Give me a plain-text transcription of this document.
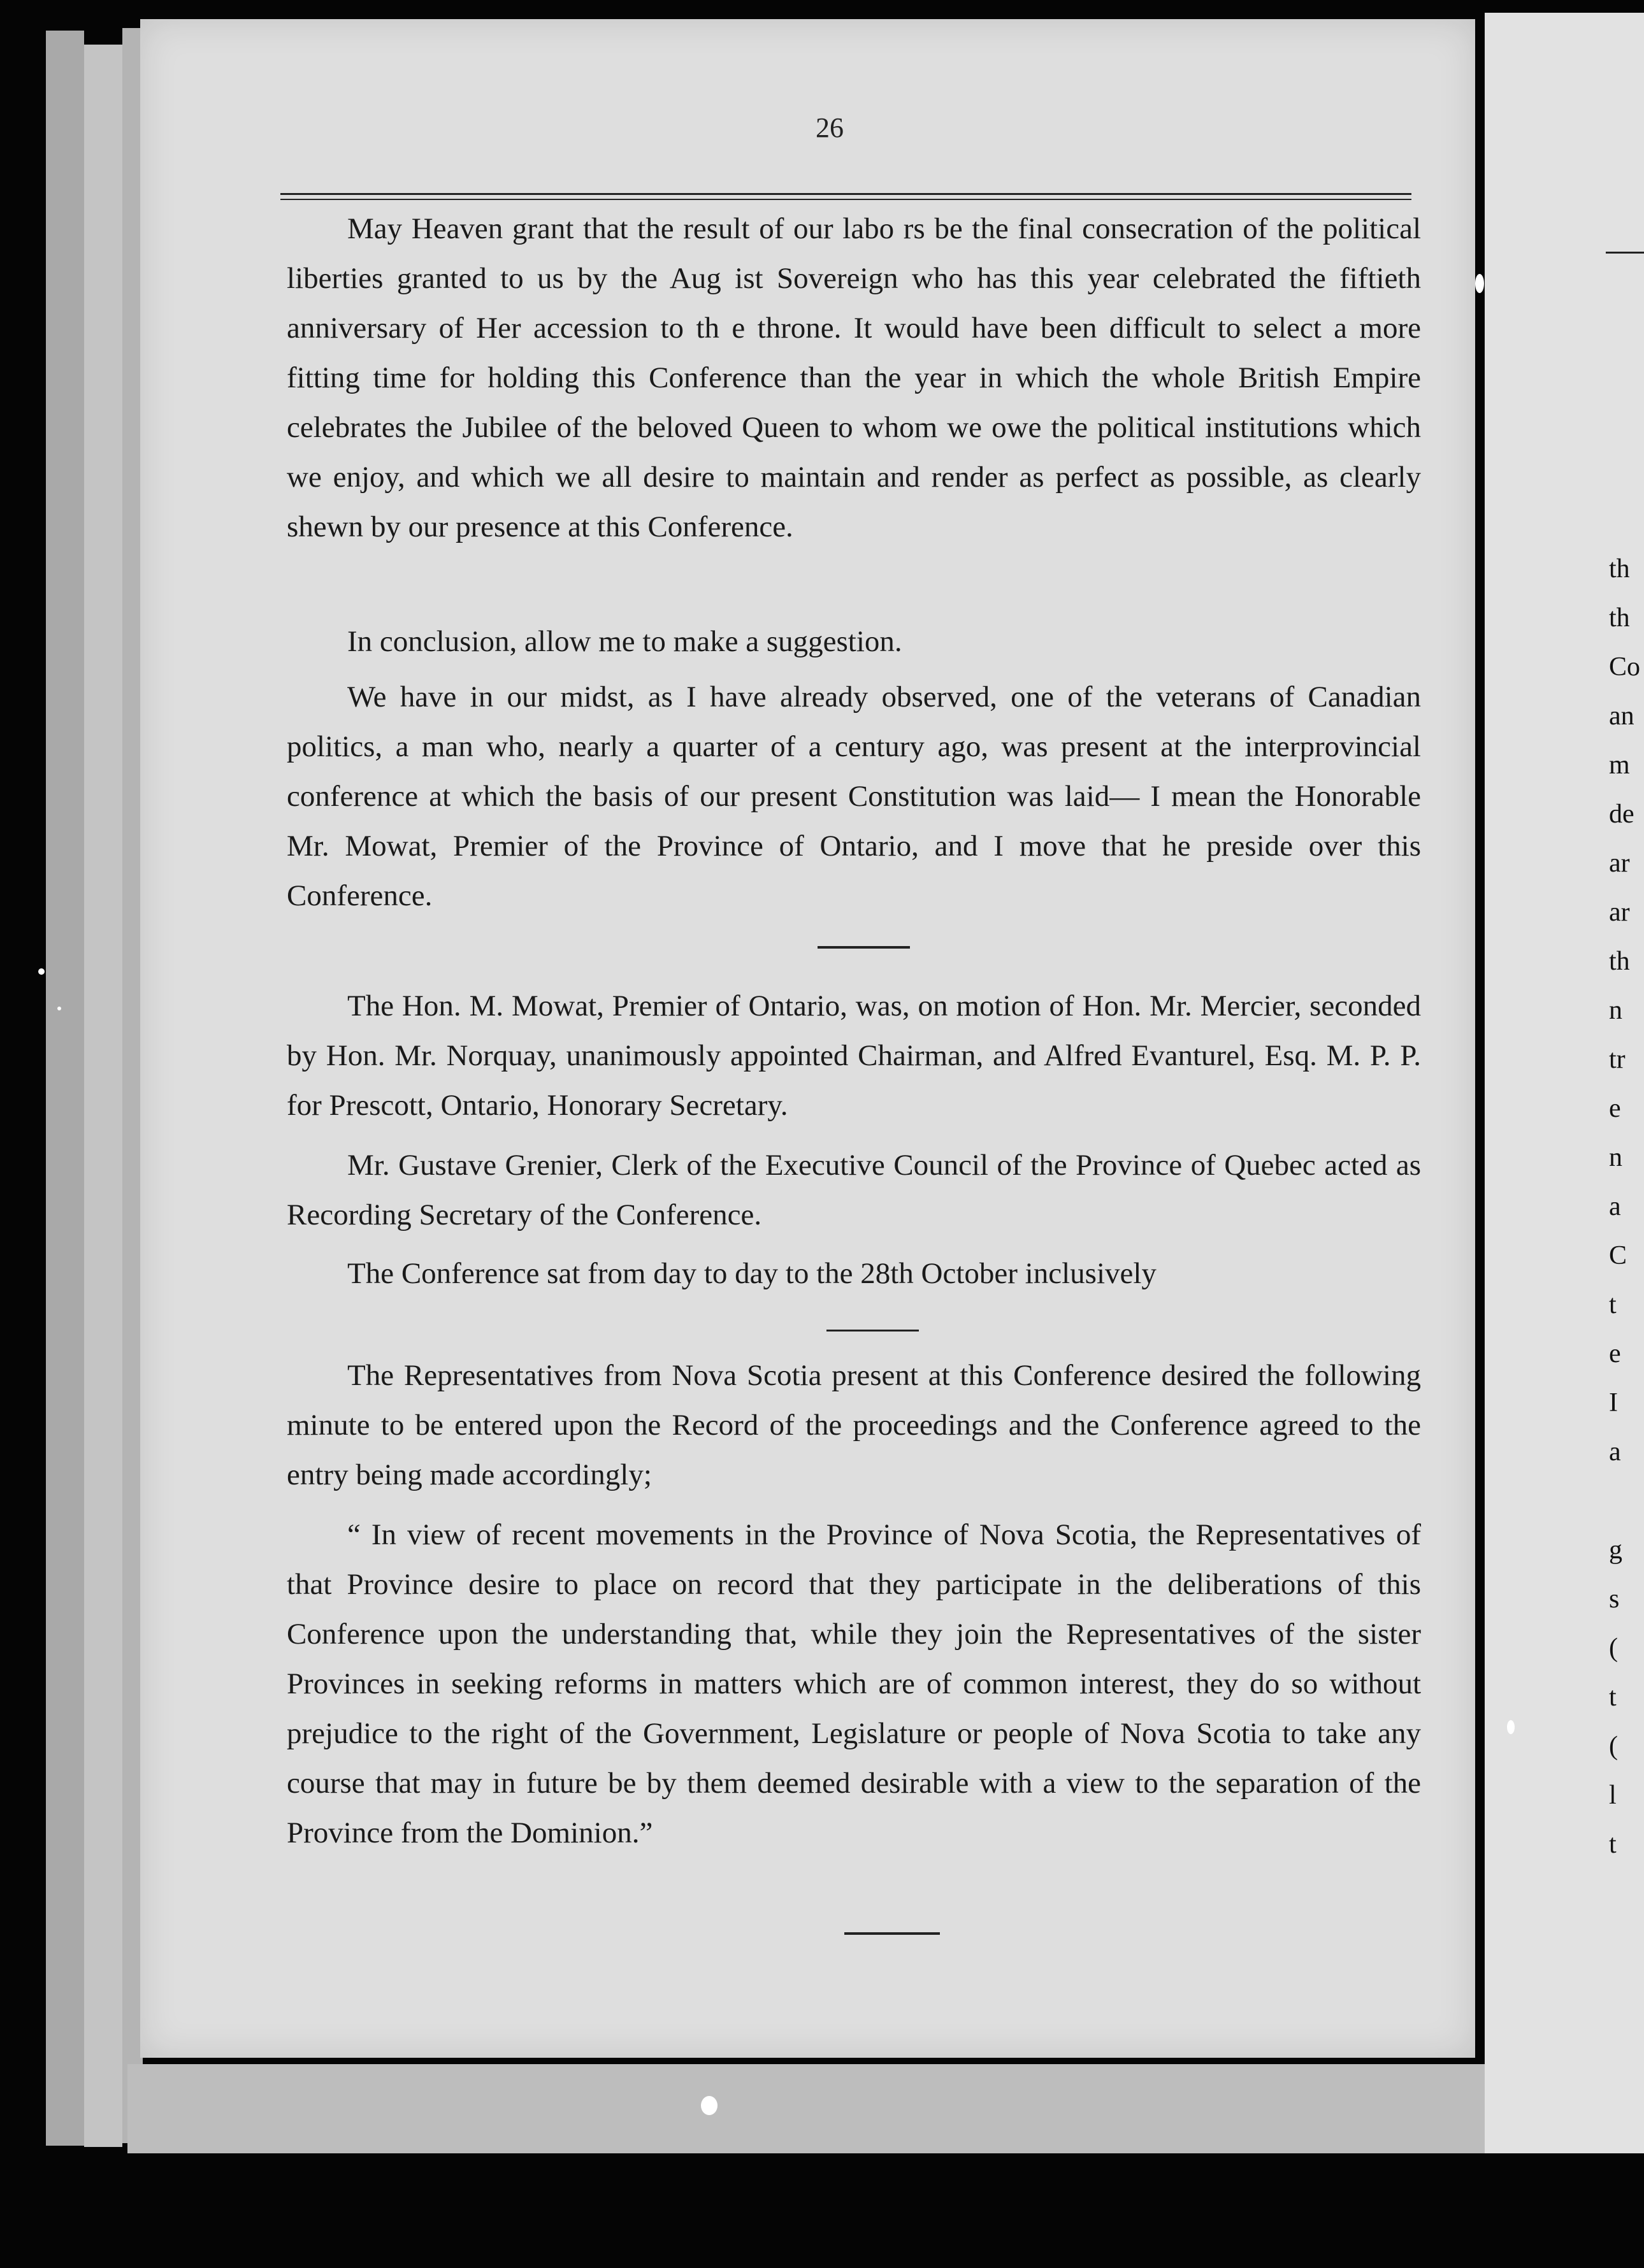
th
th
Co
an
m
de
ar
ar
th
n
tr
e
n
a
C
t
e
I
a

g
s
(
t
(
l
t
26

May Heaven grant that the result of our labo rs be the final consecration of the political liberties granted to us by the Aug ist Sovereign who has this year celebrated the fiftieth anniversary of Her accession to th e throne. It would have been difficult to select a more fitting time for holding this Conference than the year in which the whole British Empire celebrates the Jubilee of the beloved Queen to whom we owe the political institutions which we enjoy, and which we all desire to maintain and render as perfect as possible, as clearly shewn by our presence at this Conference.

In conclusion, allow me to make a suggestion.

We have in our midst, as I have already observed, one of the veterans of Canadian politics, a man who, nearly a quarter of a century ago, was present at the interprovincial conference at which the basis of our present Constitution was laid— I mean the Honorable Mr. Mowat, Premier of the Province of Ontario, and I move that he preside over this Conference.

The Hon. M. Mowat, Premier of Ontario, was, on motion of Hon. Mr. Mercier, seconded by Hon. Mr. Norquay, unanimously appointed Chairman, and Alfred Evanturel, Esq. M. P. P. for Prescott, Ontario, Honorary Secretary.

Mr. Gustave Grenier, Clerk of the Executive Council of the Province of Quebec acted as Recording Secretary of the Conference.

The Conference sat from day to day to the 28th October inclusively

The Representatives from Nova Scotia present at this Conference desired the following minute to be entered upon the Record of the proceedings and the Conference agreed to the entry being made accordingly;

“ In view of recent movements in the Province of Nova Scotia, the Representatives of that Province desire to place on record that they participate in the deliberations of this Conference upon the understanding that, while they join the Representatives of the sister Provinces in seeking reforms in matters which are of common interest, they do so without prejudice to the right of the Government, Legislature or people of Nova Scotia to take any course that may in future be by them deemed desirable with a view to the separation of the Province from the Dominion.”
